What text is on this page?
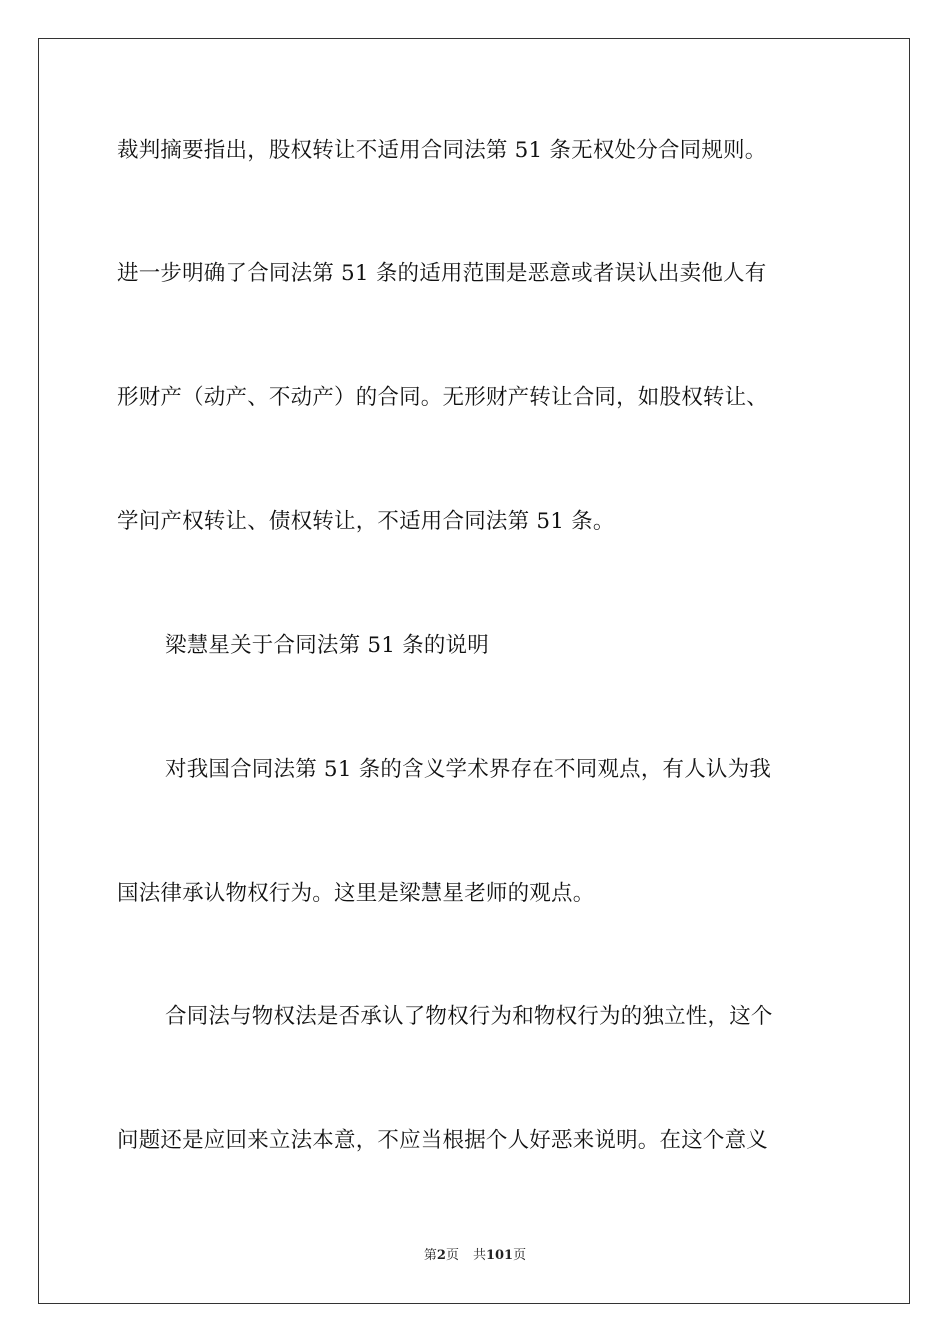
裁判摘要指出，股权转让不适用合同法第 51 条无权处分合同规则。
进一步明确了合同法第 51 条的适用范围是恶意或者误认出卖他人有
形财产（动产、不动产）的合同。无形财产转让合同，如股权转让、
学问产权转让、债权转让，不适用合同法第 51 条。
梁慧星关于合同法第 51 条的说明
对我国合同法第 51 条的含义学术界存在不同观点，有人认为我
国法律承认物权行为。这里是梁慧星老师的观点。
合同法与物权法是否承认了物权行为和物权行为的独立性，这个
问题还是应回来立法本意，不应当根据个人好恶来说明。在这个意义
第2页 共101页
